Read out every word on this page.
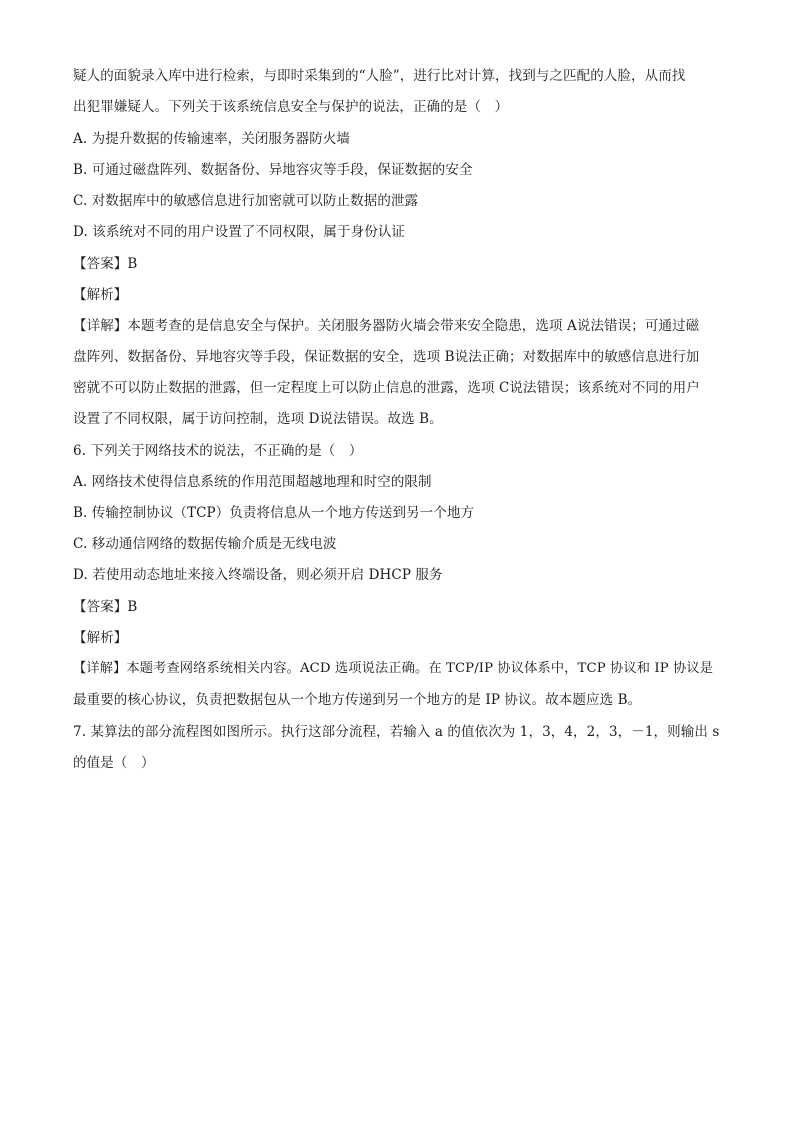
疑人的面貌录入库中进行检索，与即时采集到的“人脸”，进行比对计算，找到与之匹配的人脸，从而找
出犯罪嫌疑人。下列关于该系统信息安全与保护的说法，正确的是（　）
A. 为提升数据的传输速率，关闭服务器防火墙
B. 可通过磁盘阵列、数据备份、异地容灾等手段，保证数据的安全
C. 对数据库中的敏感信息进行加密就可以防止数据的泄露
D. 该系统对不同的用户设置了不同权限，属于身份认证
【答案】B
【解析】
【详解】本题考查的是信息安全与保护。关闭服务器防火墙会带来安全隐患，选项 A说法错误；可通过磁
盘阵列、数据备份、异地容灾等手段，保证数据的安全，选项 B说法正确；对数据库中的敏感信息进行加
密就不可以防止数据的泄露，但一定程度上可以防止信息的泄露，选项 C说法错误；该系统对不同的用户
设置了不同权限，属于访问控制，选项 D说法错误。故选 B。
6. 下列关于网络技术的说法，不正确的是（　）
A. 网络技术使得信息系统的作用范围超越地理和时空的限制
B. 传输控制协议（TCP）负责将信息从一个地方传送到另一个地方
C. 移动通信网络的数据传输介质是无线电波
D. 若使用动态地址来接入终端设备，则必须开启 DHCP 服务
【答案】B
【解析】
【详解】本题考查网络系统相关内容。ACD 选项说法正确。在 TCP/IP 协议体系中，TCP 协议和 IP 协议是
最重要的核心协议，负责把数据包从一个地方传递到另一个地方的是 IP 协议。故本题应选 B。
7. 某算法的部分流程图如图所示。执行这部分流程，若输入 a 的值依次为 1，3，4，2，3，－1，则输出 s
的值是（　）
